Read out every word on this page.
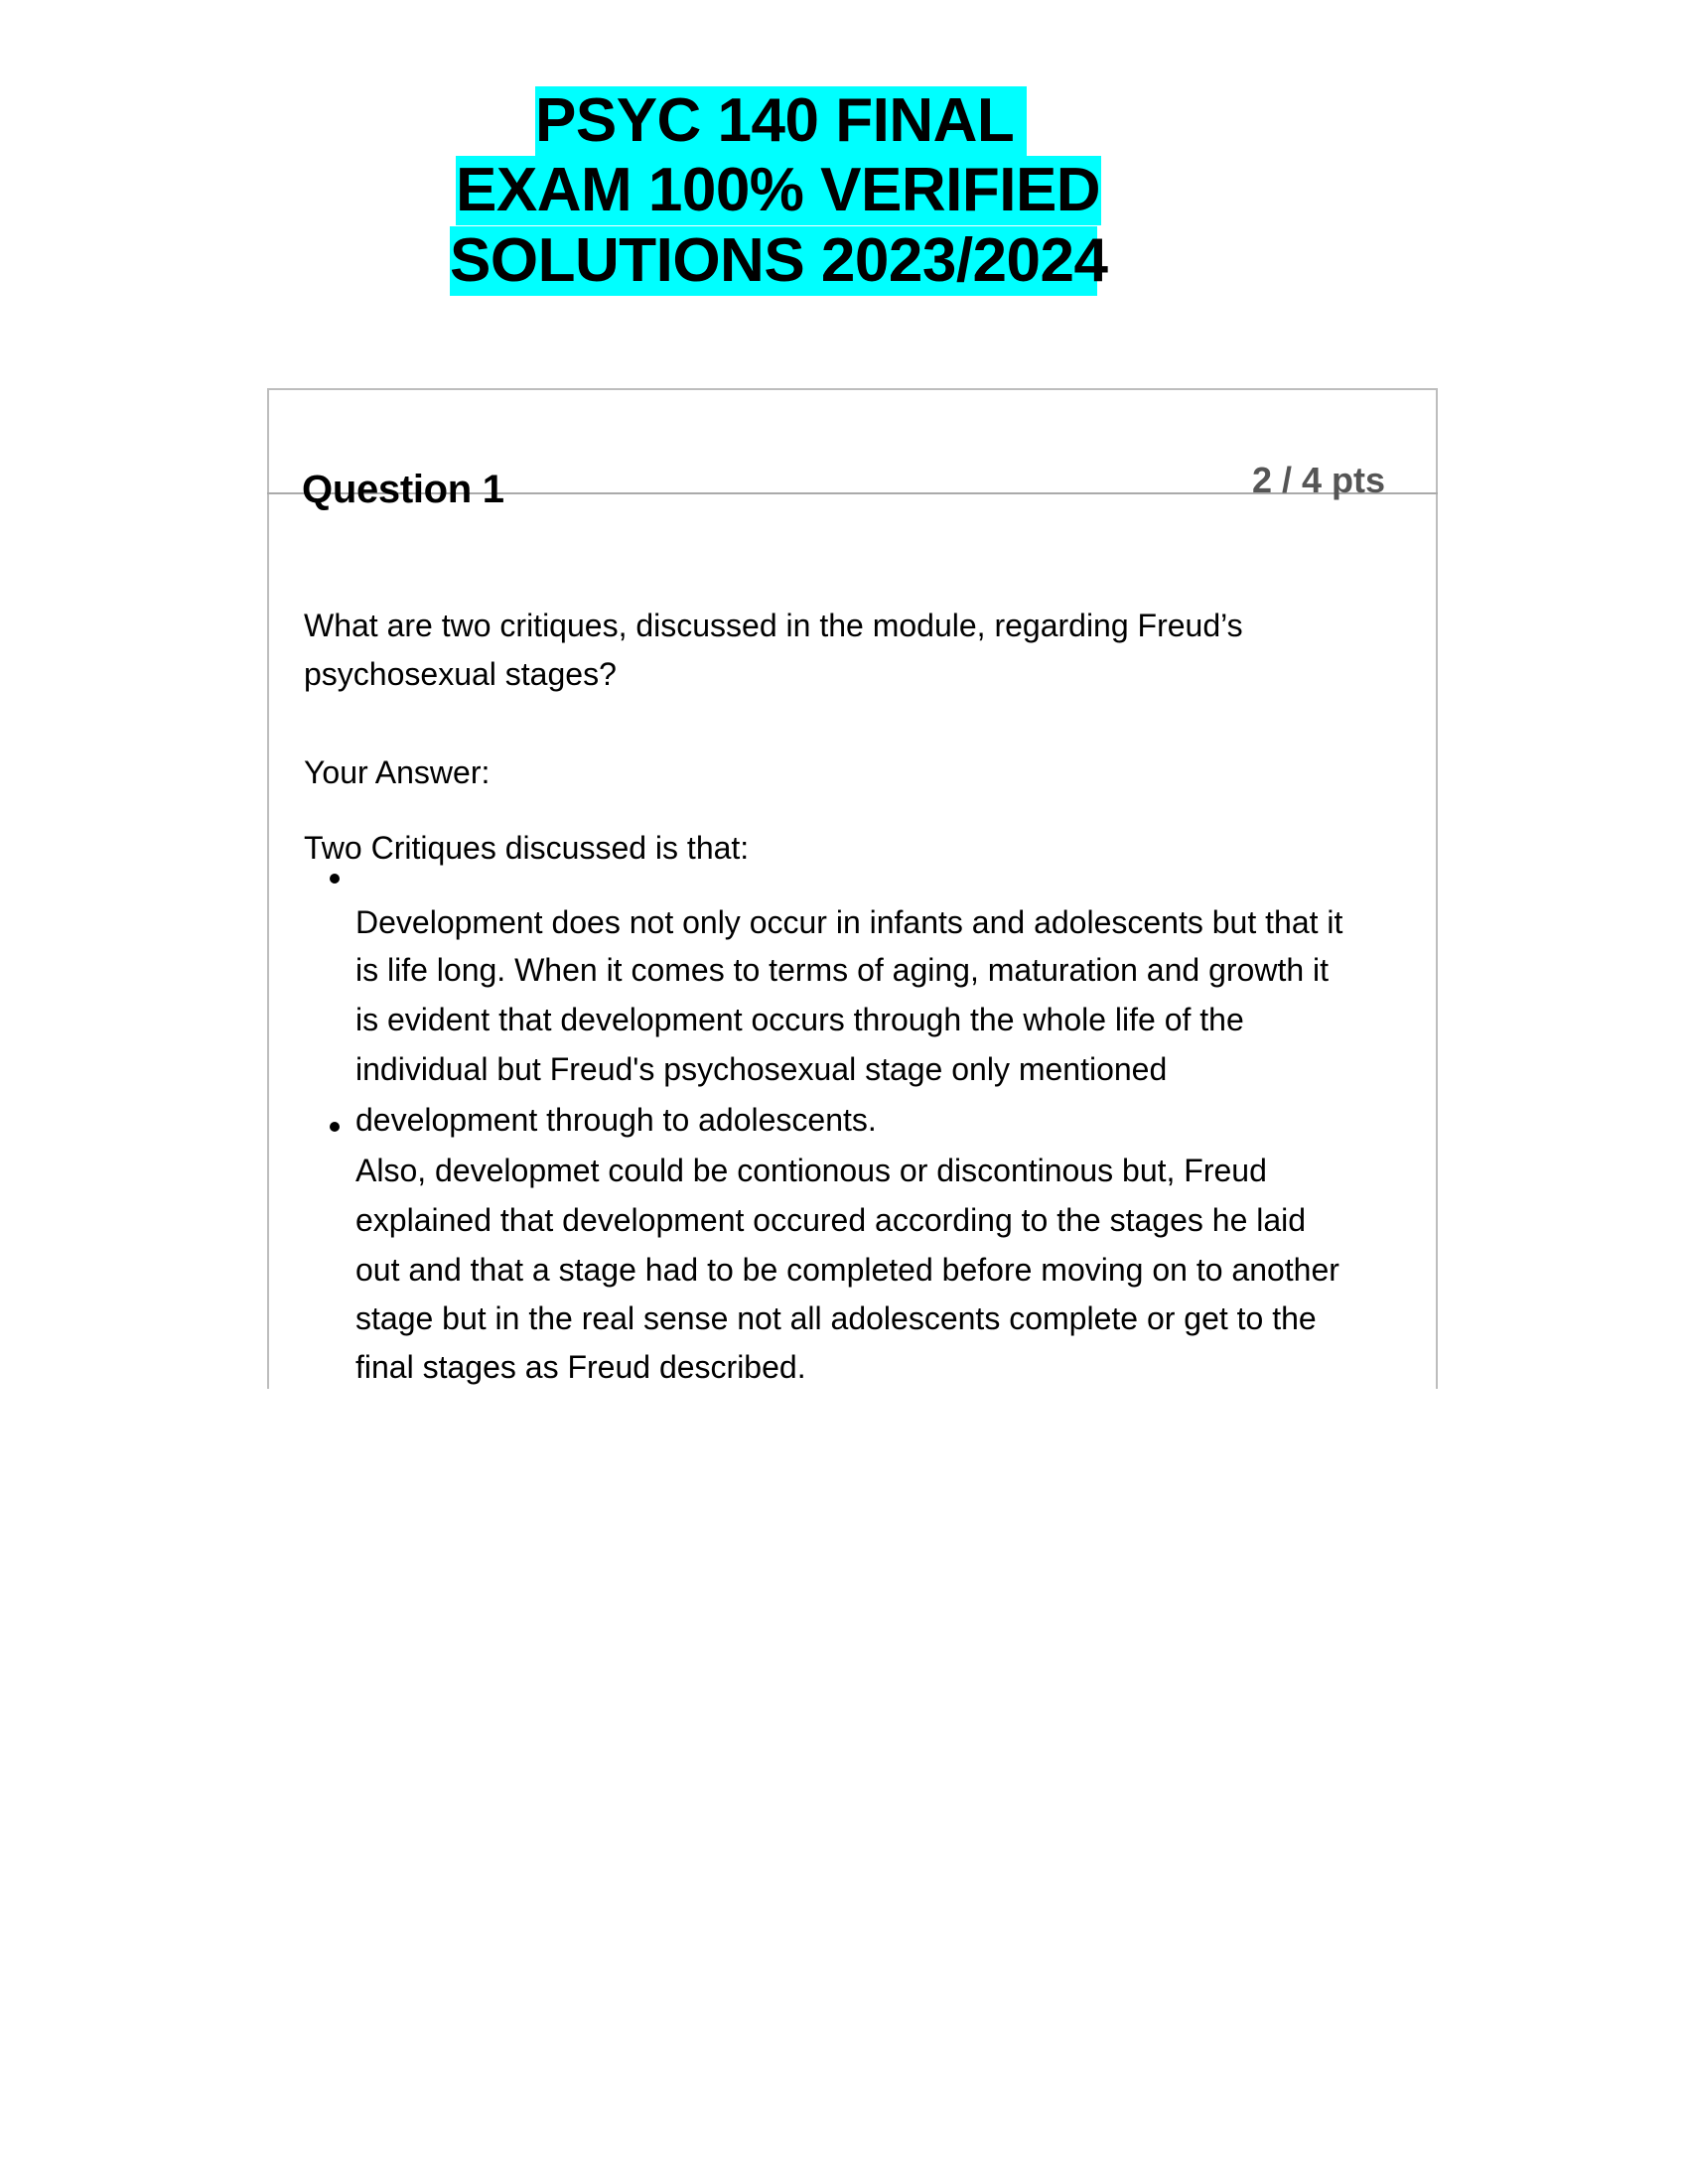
PSYC 140 FINAL
EXAM 100% VERIFIED
SOLUTIONS 2023/2024
Question 1	2 / 4 pts
What are two critiques, discussed in the module, regarding Freud’s
psychosexual stages?
Your Answer:
Two Critiques discussed is that:
Development does not only occur in infants and adolescents but that it
is life long. When it comes to terms of aging, maturation and growth it
is evident that development occurs through the whole life of the
individual but Freud's psychosexual stage only mentioned
development through to adolescents.
Also, developmet could be contionous or discontinous but, Freud
explained that development occured according to the stages he laid
out and that a stage had to be completed before moving on to another
stage but in the real sense not all adolescents complete or get to the
final stages as Freud described.
